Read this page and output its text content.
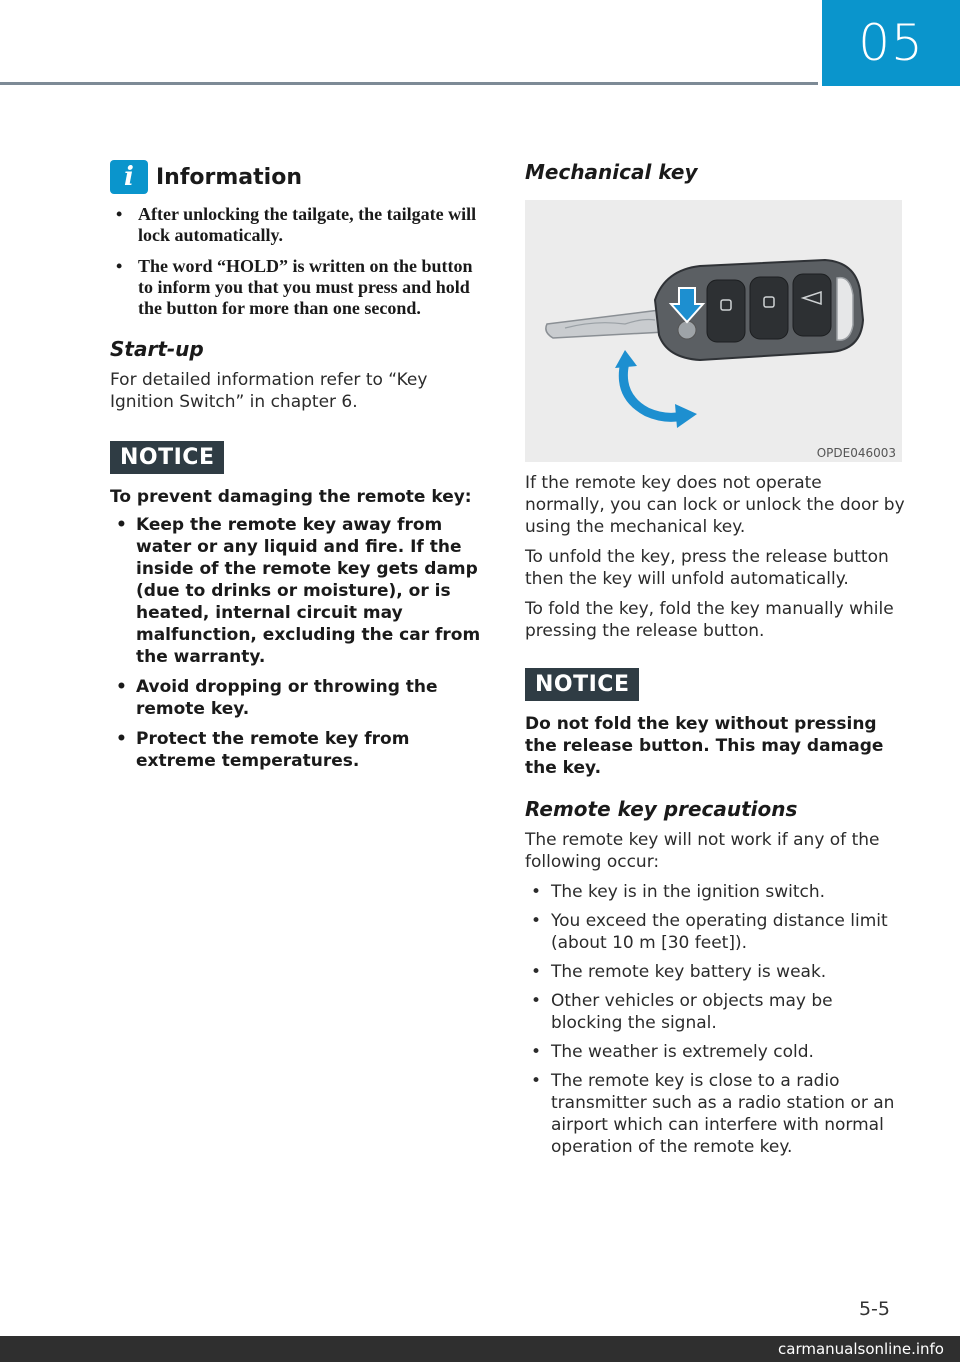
05
i	Information
• After unlocking the tailgate, the tailgate will lock automatically.
• The word “HOLD” is written on the button to inform you that you must press and hold the button for more than one second.
Start-up

For detailed information refer to “Key Ignition Switch” in chapter 6.

NOTICE

To prevent damaging the remote key:

• Keep the remote key away from water or any liquid and fire. If the inside of the remote key gets damp (due to drinks or moisture), or is heated, internal circuit may malfunction, excluding the car from the warranty.
• Avoid dropping or throwing the remote key.
• Protect the remote key from extreme temperatures.
Mechanical key
OPDE046003

If the remote key does not operate normally, you can lock or unlock the door by using the mechanical key.

To unfold the key, press the release button then the key will unfold automatically.

To fold the key, fold the key manually while pressing the release button.

NOTICE

Do not fold the key without pressing the release button. This may damage the key.

Remote key precautions

The remote key will not work if any of the following occur:

• The key is in the ignition switch.
• You exceed the operating distance limit (about 10 m [30 feet]).
• The remote key battery is weak.
• Other vehicles or objects may be blocking the signal.
• The weather is extremely cold.
• The remote key is close to a radio transmitter such as a radio station or an airport which can interfere with normal operation of the remote key.
5-5
carmanualsonline.info
